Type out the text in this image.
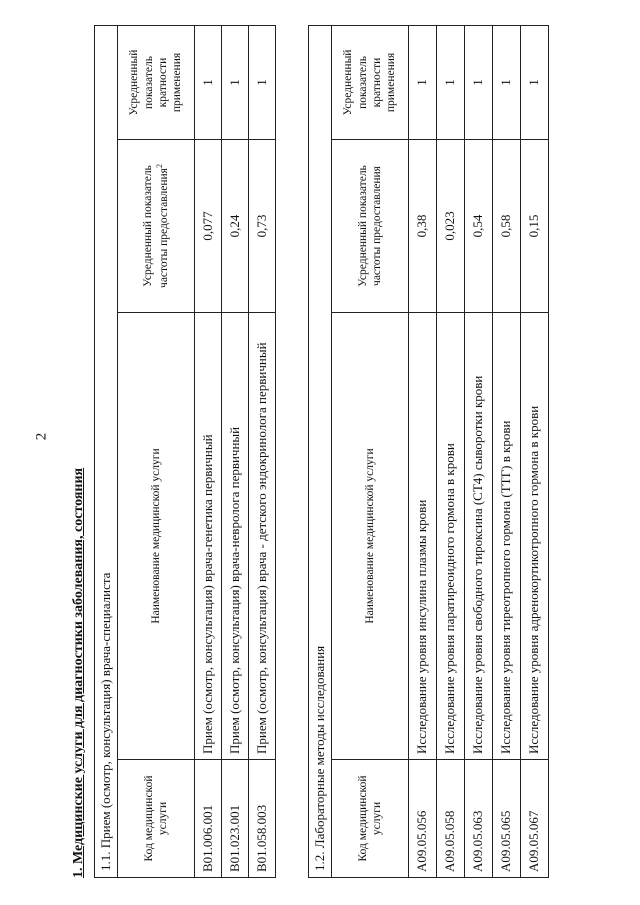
2

1. Медицинские услуги для диагностики заболевания, состояния 1.1. Прием (осмотр, консультация) врача-специалиста			
Код медицинской услуги	Наименование медицинской услуги	Усредненный показатель частоты предоставления$^2$	Усредненный показатель кратности применения
B01.006.001	Прием (осмотр, консультация) врача-генетика первичный	0,077	1
B01.023.001	Прием (осмотр, консультация) врача-невролога первичный	0,24	1
B01.058.003	Прием (осмотр, консультация) врача - детского эндокринолога первичный	0,73	1
1.2. Лабораторные методы исследования			
Код медицинской услуги	Наименование медицинской услуги	Усредненный показатель частоты предоставления	Усредненный показатель кратности применения
A09.05.056	Исследование уровня инсулина плазмы крови	0,38	1
A09.05.058	Исследование уровня паратиреоидного гормона в крови	0,023	1
A09.05.063	Исследование уровня свободного тироксина (СТ4) сыворотки крови	0,54	1
A09.05.065	Исследование уровня тиреотропного гормона (ТТГ) в крови	0,58	1
A09.05.067	Исследование уровня адренокортикотропного гормона в крови	0,15	1
